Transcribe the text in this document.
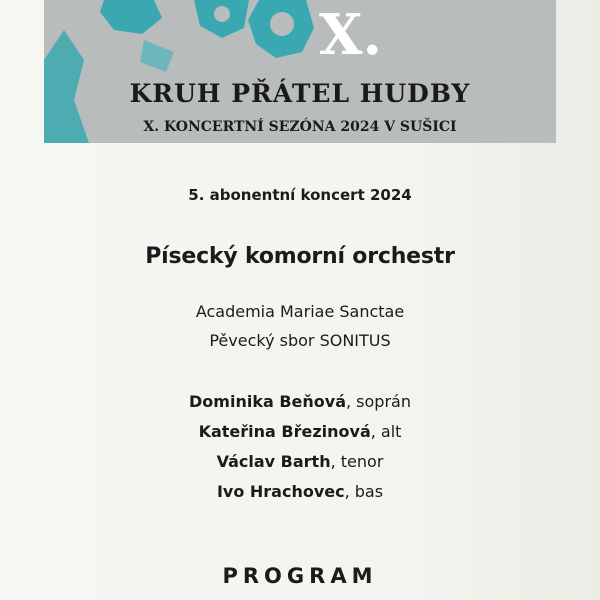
X.
KRUH PŘÁTEL HUDBY
X. KONCERTNÍ SEZÓNA 2024 V SUŠICI
5. abonentní koncert 2024
Písecký komorní orchestr
Academia Mariae Sanctae
Pěvecký sbor SONITUS
Dominika Beňová, soprán
Kateřina Březinová, alt
Václav Barth, tenor
Ivo Hrachovec, bas
PROGRAM
